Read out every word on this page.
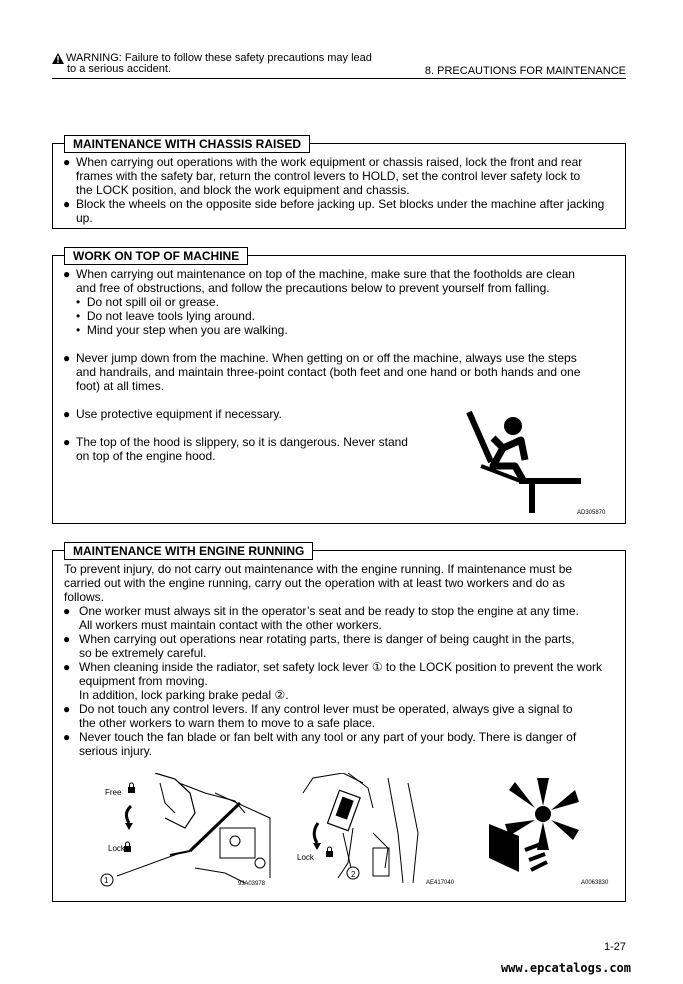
WARNING: Failure to follow these safety precautions may lead
to a serious accident.	8. PRECAUTIONS FOR MAINTENANCE
MAINTENANCE WITH CHASSIS RAISED
● When carrying out operations with the work equipment or chassis raised, lock the front and rear
frames with the safety bar, return the control levers to HOLD, set the control lever safety lock to
the LOCK position, and block the work equipment and chassis.
● Block the wheels on the opposite side before jacking up. Set blocks under the machine after jacking
up.
WORK ON TOP OF MACHINE
● When carrying out maintenance on top of the machine, make sure that the footholds are clean
and free of obstructions, and follow the precautions below to prevent yourself from falling.
•  Do not spill oil or grease.
•  Do not leave tools lying around.
•  Mind your step when you are walking.
● Never jump down from the machine. When getting on or off the machine, always use the steps
and handrails, and maintain three-point contact (both feet and one hand or both hands and one
foot) at all times.
● Use protective equipment if necessary.
● The top of the hood is slippery, so it is dangerous. Never stand
on top of the engine hood.
AD305870
MAINTENANCE WITH ENGINE RUNNING
To prevent injury, do not carry out maintenance with the engine running. If maintenance must be
carried out with the engine running, carry out the operation with at least two workers and do as
follows.
● One worker must always sit in the operator’s seat and be ready to stop the engine at any time.
All workers must maintain contact with the other workers.
● When carrying out operations near rotating parts, there is danger of being caught in the parts,
so be extremely careful.
● When cleaning inside the radiator, set safety lock lever ① to the LOCK position to prevent the work
equipment from moving.
In addition, lock parking brake pedal ②.
● Do not touch any control levers. If any control lever must be operated, always give a signal to
the other workers to warn them to move to a safe place.
● Never touch the fan blade or fan belt with any tool or any part of your body. There is danger of
serious injury.
Free
Lock
1	9JA03978
Lock
2
AE417040	A0063830
1-27
www.epcatalogs.com
